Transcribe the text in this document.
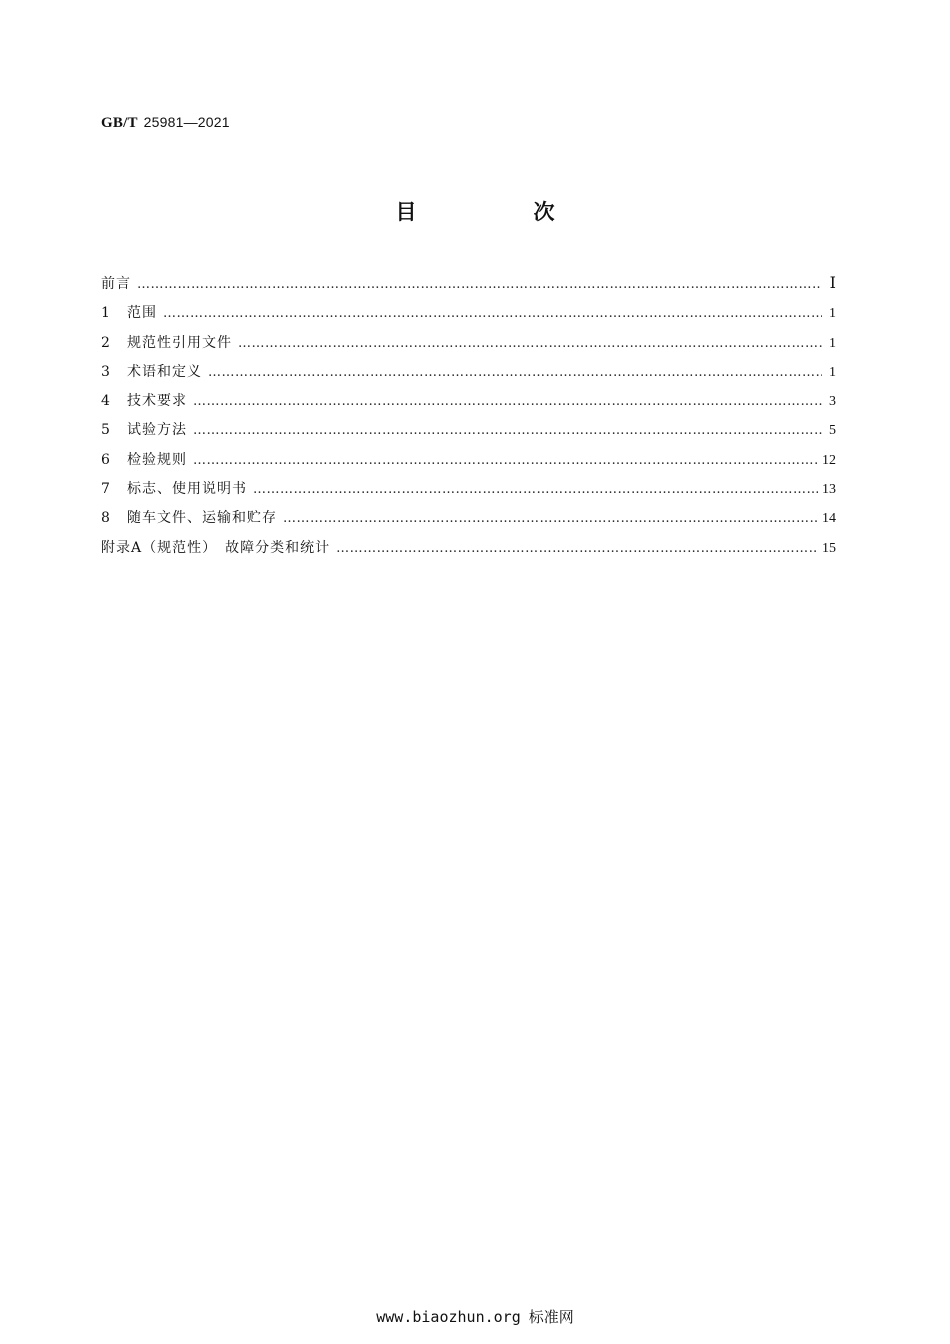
GB/T 25981—2021
目　次
前言 ……………………………………………………………………………………………………………………………………………………………………………………	Ⅰ
1	范围 ……………………………………………………………………………………………………………………………………………………………………………………	1
2	规范性引用文件 ……………………………………………………………………………………………………………………………………………………………………………………	1
3	术语和定义 ……………………………………………………………………………………………………………………………………………………………………………………	1
4	技术要求 ……………………………………………………………………………………………………………………………………………………………………………………	3
5	试验方法 ……………………………………………………………………………………………………………………………………………………………………………………	5
6	检验规则 ……………………………………………………………………………………………………………………………………………………………………………………	12
7	标志、使用说明书 ……………………………………………………………………………………………………………………………………………………………………………………	13
8	随车文件、运输和贮存 ……………………………………………………………………………………………………………………………………………………………………………………	14
附录A（规范性）　故障分类和统计 ……………………………………………………………………………………………………………………………………………………………………………………	15
www.biaozhun.org 标准网
